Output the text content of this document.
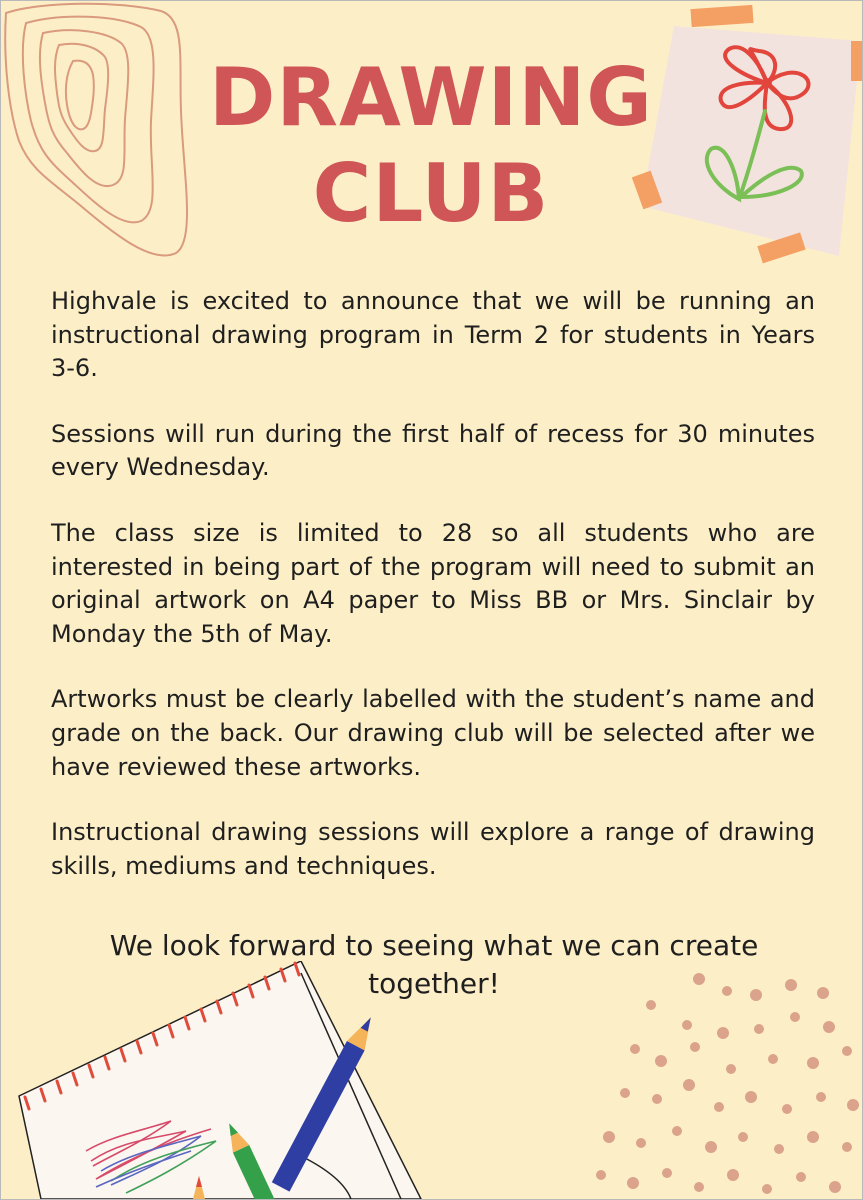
DRAWING
CLUB

Highvale is excited to announce that we will be running an instructional drawing program in Term 2 for students in Years 3-6.

Sessions will run during the first half of recess for 30 minutes every Wednesday.

The class size is limited to 28 so all students who are interested in being part of the program will need to submit an original artwork on A4 paper to Miss BB or Mrs. Sinclair by Monday the 5th of May.

Artworks must be clearly labelled with the student’s name and grade on the back. Our drawing club will be selected after we have reviewed these artworks.

Instructional drawing sessions will explore a range of drawing skills, mediums and techniques.

We look forward to seeing what we can create together!
